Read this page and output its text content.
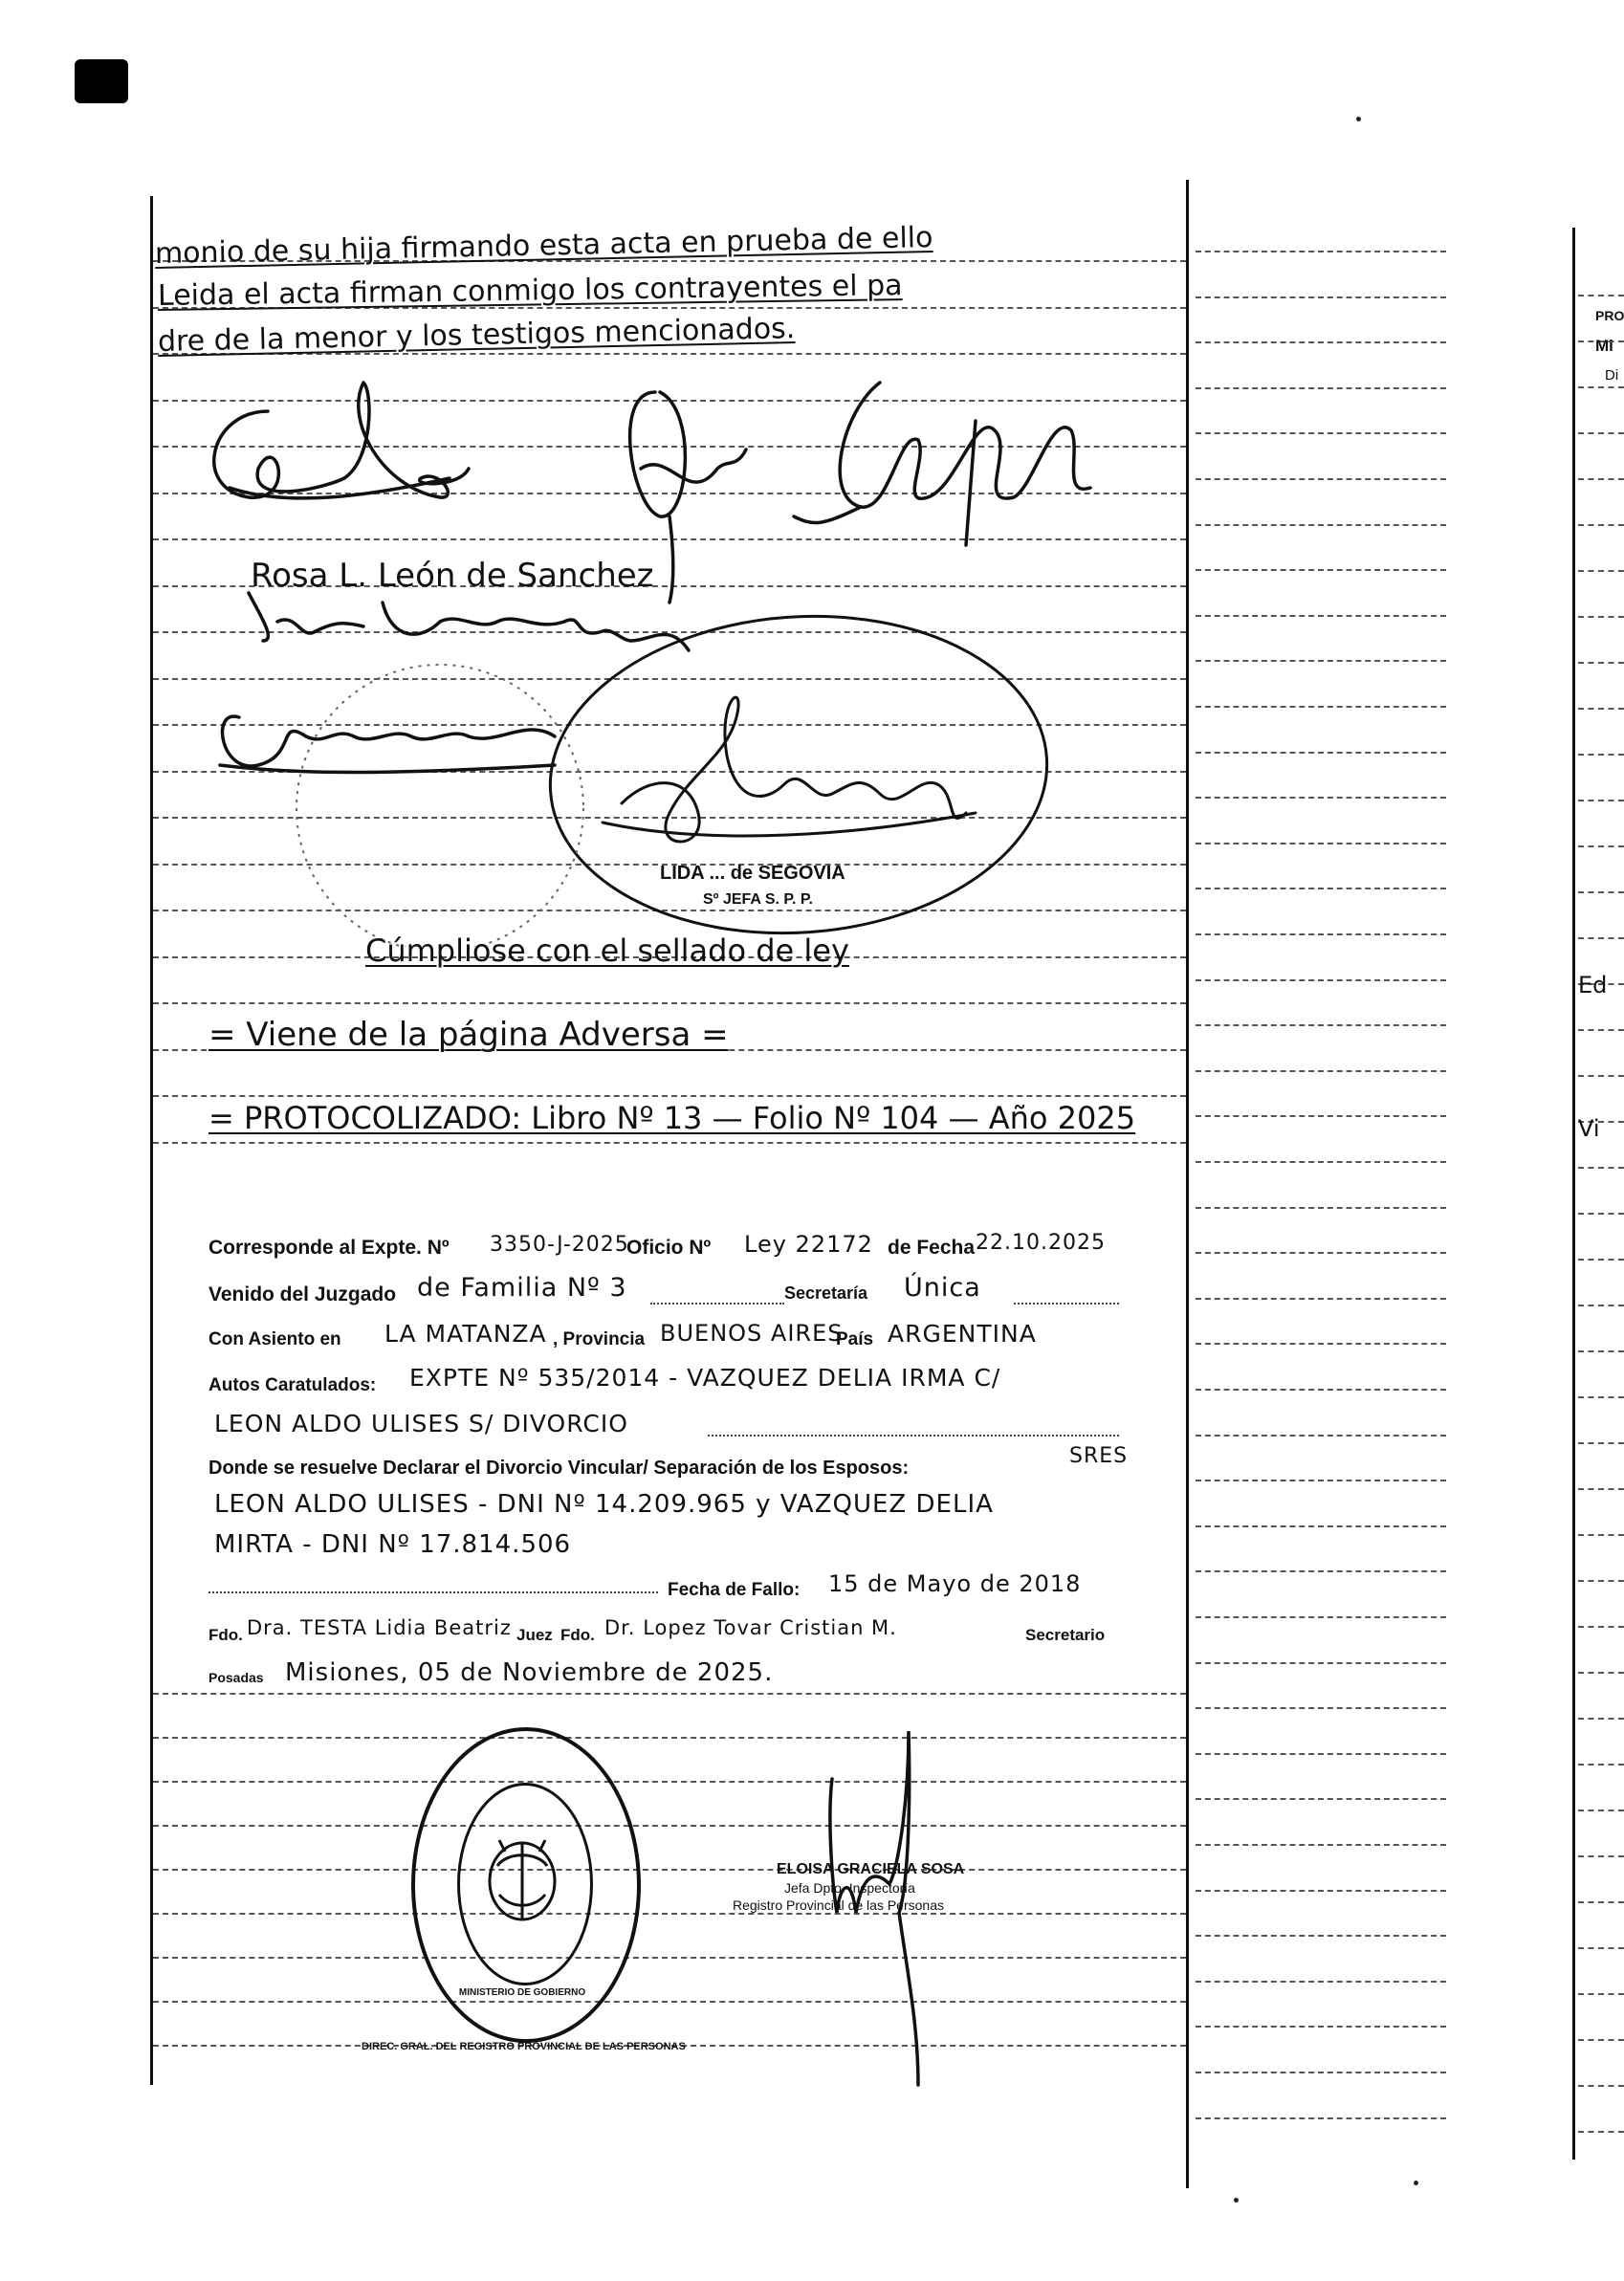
monio de su hija firmando esta acta en prueba de ello
Leida el acta firman conmigo los contrayentes el pa
dre de la menor y los testigos mencionados.
Rosa L. León de Sanchez
LIDA ... de SEGOVIA
Sº JEFA S. P. P.
Cúmpliose con el sellado de ley
= Viene de la página Adversa =
= PROTOCOLIZADO: Libro Nº 13 — Folio Nº 104 — Año 2025
Corresponde al Expte. Nº 3350-J-2025
Oficio Nº Ley 22172 de Fecha 22.10.2025
Venido del Juzgado de Familia Nº 3	Secretaría Única
Con Asiento en LA MATANZA , Provincia BUENOS AIRES
País ARGENTINA
Autos Caratulados: EXPTE Nº 535/2014 - VAZQUEZ DELIA IRMA C/
LEON ALDO ULISES S/ DIVORCIO
Donde se resuelve Declarar el Divorcio Vincular/ Separación de los Esposos:	SRES
LEON ALDO ULISES - DNI Nº 14.209.965 y VAZQUEZ DELIA
MIRTA - DNI Nº 17.814.506
Fecha de Fallo: 15 de Mayo de 2018
Fdo. Dra. TESTA Lidia Beatriz Juez Fdo. Dr. Lopez Tovar Cristian M.	Secretario
Posadas Misiones, 05 de Noviembre de 2025.
DIREC. GRAL. DEL REGISTRO PROVINCIAL DE LAS PERSONAS
MINISTERIO DE GOBIERNO
ELOISA GRACIELA SOSA
Jefa Dpto. Inspectoría
Registro Provincial de las Personas
PRO
Mi
Di
Ed
Vi
